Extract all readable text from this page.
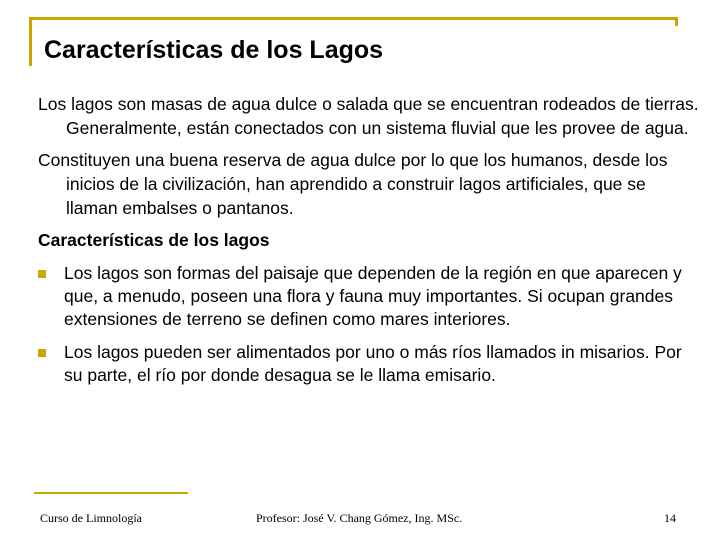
Características de los Lagos

Los lagos son masas de agua dulce o salada que se encuentran rodeados de tierras. Generalmente, están conectados con un sistema fluvial que les provee de agua.

Constituyen una buena reserva de agua dulce por lo que los humanos, desde los inicios de la civilización, han aprendido a construir lagos artificiales, que se llaman embalses o pantanos.

Características de los lagos

Los lagos son formas del paisaje que dependen de la región en que aparecen y que, a menudo, poseen una flora y fauna muy importantes. Si ocupan grandes extensiones de terreno se definen como mares interiores.
Los lagos pueden ser alimentados por uno o más ríos llamados in misarios. Por su parte, el río por donde desagua se le llama emisario.
Curso de Limnología	Profesor: José V. Chang Gómez, Ing. MSc.	14
